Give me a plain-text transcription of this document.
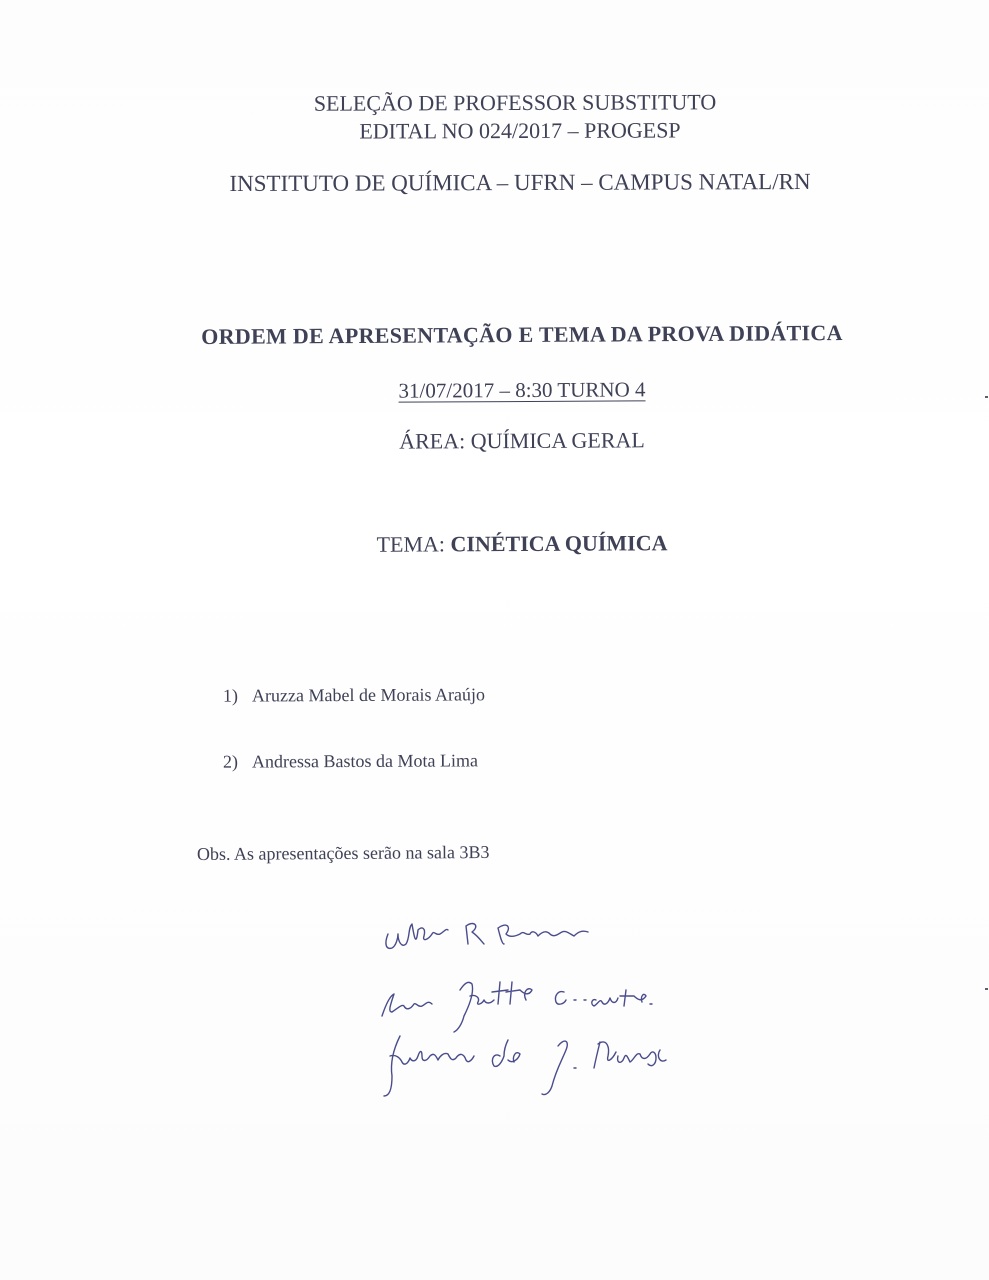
SELEÇÃO DE PROFESSOR SUBSTITUTO
EDITAL NO 024/2017 – PROGESP
INSTITUTO DE QUÍMICA – UFRN – CAMPUS NATAL/RN
ORDEM DE APRESENTAÇÃO E TEMA DA PROVA DIDÁTICA
31/07/2017 – 8:30 TURNO 4
ÁREA: QUÍMICA GERAL
TEMA: CINÉTICA QUÍMICA
1) Aruzza Mabel de Morais Araújo
2) Andressa Bastos da Mota Lima
Obs. As apresentações serão na sala 3B3
